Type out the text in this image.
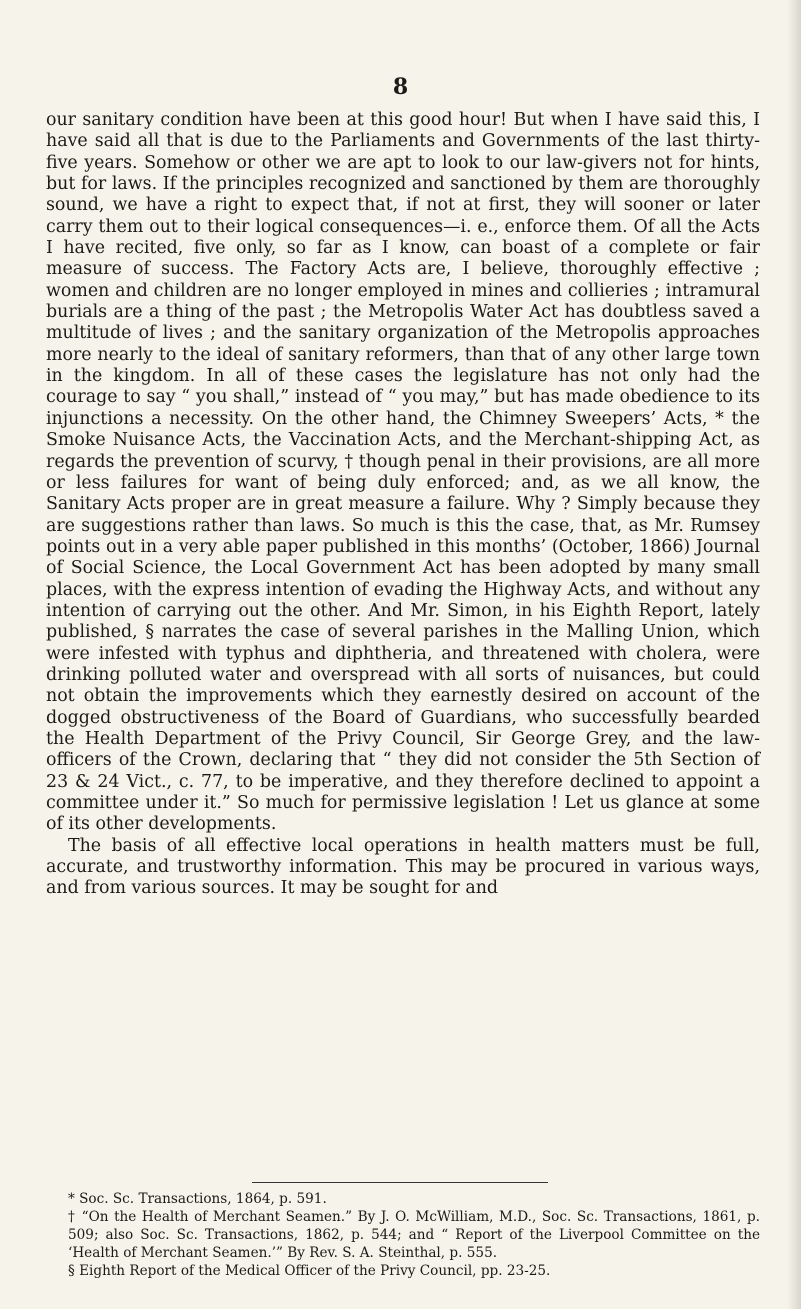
8

our sanitary condition have been at this good hour! But when I have said this, I have said all that is due to the Parliaments and Governments of the last thirty-five years. Somehow or other we are apt to look to our law-givers not for hints, but for laws. If the principles recognized and sanctioned by them are thoroughly sound, we have a right to expect that, if not at first, they will sooner or later carry them out to their logical consequences—i. e., enforce them. Of all the Acts I have recited, five only, so far as I know, can boast of a complete or fair measure of success. The Factory Acts are, I believe, thoroughly effective ; women and children are no longer employed in mines and collieries ; intramural burials are a thing of the past ; the Metropolis Water Act has doubtless saved a multitude of lives ; and the sanitary organization of the Metropolis approaches more nearly to the ideal of sanitary reformers, than that of any other large town in the kingdom. In all of these cases the legislature has not only had the courage to say “ you shall,” instead of “ you may,” but has made obedience to its injunctions a necessity. On the other hand, the Chimney Sweepers’ Acts, * the Smoke Nuisance Acts, the Vaccination Acts, and the Merchant-shipping Act, as regards the prevention of scurvy, † though penal in their provisions, are all more or less failures for want of being duly enforced; and, as we all know, the Sanitary Acts proper are in great measure a failure. Why ? Simply because they are suggestions rather than laws. So much is this the case, that, as Mr. Rumsey points out in a very able paper published in this months’ (October, 1866) Journal of Social Science, the Local Government Act has been adopted by many small places, with the express intention of evading the Highway Acts, and without any intention of carrying out the other. And Mr. Simon, in his Eighth Report, lately published, § narrates the case of several parishes in the Malling Union, which were infested with typhus and diphtheria, and threatened with cholera, were drinking polluted water and overspread with all sorts of nuisances, but could not obtain the improvements which they earnestly desired on account of the dogged obstructiveness of the Board of Guardians, who successfully bearded the Health Department of the Privy Council, Sir George Grey, and the law-officers of the Crown, declaring that “ they did not consider the 5th Section of 23 & 24 Vict., c. 77, to be imperative, and they therefore declined to appoint a committee under it.” So much for permissive legislation ! Let us glance at some of its other developments.

The basis of all effective local operations in health matters must be full, accurate, and trustworthy information. This may be procured in various ways, and from various sources. It may be sought for and

* Soc. Sc. Transactions, 1864, p. 591.

† “On the Health of Merchant Seamen.” By J. O. McWilliam, M.D., Soc. Sc. Transactions, 1861, p. 509; also Soc. Sc. Transactions, 1862, p. 544; and “ Report of the Liverpool Committee on the ‘Health of Merchant Seamen.’” By Rev. S. A. Steinthal, p. 555.

§ Eighth Report of the Medical Officer of the Privy Council, pp. 23-25.
